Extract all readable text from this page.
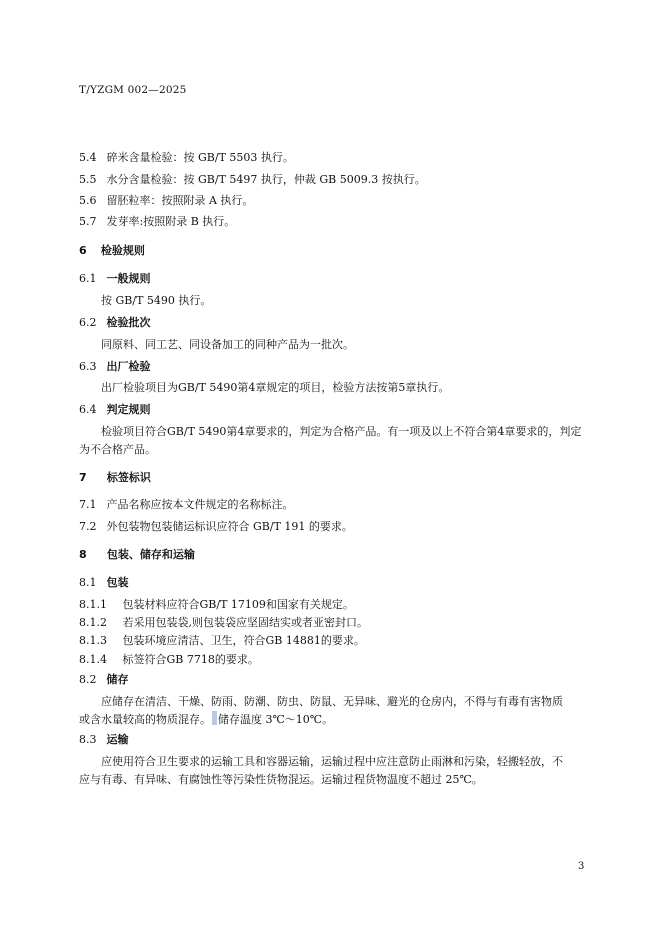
T/YZGM 002—2025
5.4 碎米含量检验：按 GB/T 5503 执行。
5.5 水分含量检验：按 GB/T 5497 执行，仲裁 GB 5009.3 按执行。
5.6 留胚粒率：按照附录 A 执行。
5.7 发芽率:按照附录 B 执行。
6 检验规则
6.1 一般规则
按 GB/T 5490 执行。
6.2 检验批次
同原料、同工艺、同设备加工的同种产品为一批次。
6.3 出厂检验
出厂检验项目为GB/T 5490第4章规定的项目，检验方法按第5章执行。
6.4 判定规则
检验项目符合GB/T 5490第4章要求的，判定为合格产品。有一项及以上不符合第4章要求的，判定
为不合格产品。
7 标签标识
7.1 产品名称应按本文件规定的名称标注。
7.2 外包装物包装储运标识应符合 GB/T 191 的要求。
8 包装、储存和运输
8.1 包装
8.1.1 包装材料应符合GB/T 17109和国家有关规定。
8.1.2 若采用包装袋,则包装袋应坚固结实或者亚密封口。
8.1.3 包装环境应清洁、卫生，符合GB 14881的要求。
8.1.4 标签符合GB 7718的要求。
8.2 储存
应储存在清洁、干燥、防雨、防潮、防虫、防鼠、无异味、避光的仓房内，不得与有毒有害物质
或含水量较高的物质混存。 储存温度 3℃～10℃。
8.3 运输
应使用符合卫生要求的运输工具和容器运输，运输过程中应注意防止雨淋和污染，轻搬轻放，不
应与有毒、有异味、有腐蚀性等污染性货物混运。运输过程货物温度不超过 25℃。
3
